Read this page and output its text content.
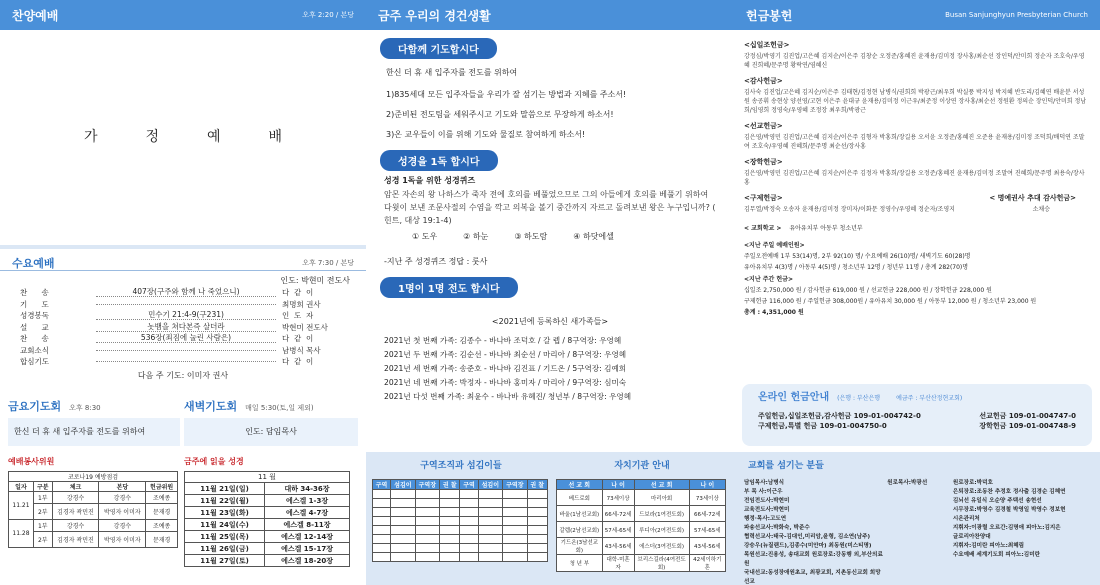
찬양예배	오후 2:20 / 본당
가	정	예	배
수요예배	오후 7:30 / 본당
인도: 박현미 전도사
찬      송	407장(구주와 함께 나 죽었으니)	다  같  이
기      도	최명희 권사
성경봉독	민수기 21:4-9(구231)	인  도  자
설      교	놋뱀을 쳐다본즉 살더라	박현미 전도사
찬      송	536장(죄짐에 눌린 사람은)	다  같  이
교회소식	남병식 목사
합심기도	다  같  이
다음 주 기도: 이미자 권사
금요기도회 오후 8:30
한신 더 휴 새 입주자를 전도를 위하여
새벽기도회 매일 5:30(토,일 제외)
인도: 담임목사
예배봉사위원
코로나19 예방점검				
일자	구분	체크	본당	헌금위원
11.21	1부	강경수	강경수	조예종
	2부	김경자 곽민진	박영자 이미자	문재경
11.28	1부	강경수	강경수	조예종
	2부	김경자 곽민진	박영자 이미자	문재경
금주에 읽을 성경
11 월	
11월 21일(일)	대하 34-36장
11월 22일(월)	에스겔 1-3장
11월 23일(화)	에스겔 4-7장
11월 24일(수)	에스겔 8-11장
11월 25일(목)	에스겔 12-14장
11월 26일(금)	에스겔 15-17장
11월 27일(토)	에스겔 18-20장
금주 우리의 경건생활
다함께 기도합시다
한신 더 휴 새 입주자를 전도를 위하여
1)835세대 모든 입주자들을 우리가 잘 섬기는 방법과 지혜를 주소서!
2)준비된 전도팀을 세워주시고 기도와 말씀으로 무장하게 하소서!
3)온 교우들이 이를 위해 기도와 물질로 참여하게 하소서!
성경을 1독 합시다
성경 1독을 위한 성경퀴즈
암몬 자손의 왕 나하스가 죽자 전에 호의를 베풀었으므로 그의 아들에게 호의를 베풀기 위하여 다윗이 보낸 조문사절의 수염을 깍고 의복을 볼기 중간까지 자르고 돌려보낸 왕은 누구입니까? ( 힌트, 대상 19:1-4)
① 도우	② 하눈	③ 하도람	④ 하닷에셀
-지난 주 성경퀴즈 정답 : 룻사
1명이 1명 전도 합시다
<2021년에 등록하신 새가족들>
2021년 첫 번째 가족: 김종수 - 바나바 조덕호 / 갈 렙 / 8구역장: 우영혜
2021년 두 번째 가족: 김순선 - 바나바 최순선 / 마리아 / 8구역장: 우영혜
2021년 세 번째 가족: 송준호 - 바나바 김진표 / 기드온 / 5구역장: 김예희
2021년 네 번째 가족: 박정자 - 바나바 홍미자 / 마리아 / 9구역장: 심미숙
2021년 다섯 번째 가족: 최윤수 - 바나바 유혜진/ 청년부 / 8구역장: 우영혜
구역조직과 섬김이들
구역	섬김이	구역장	권 찰	구역	섬김이	구역장	권 찰

자치기관 안내
선 교 회	나 이	선 교 회	나 이
베드로회	73세이상	마리아회	73세이상
바울(1남선교회)	66세-72세	드보라(1여전도회)	66세-72세
갈렙(2남선교회)	57세-65세	루디아(2여전도회)	57세-65세
기드온(3남선교회)	43세-56세	에스더(3여전도회)	43세-56세
청 년 부	대학-미혼자	브리스길라(4여전도회)	42세이하기혼
헌금봉헌	Busan Sanjunghyun Presbyterian Church
<십일조헌금>
강정심/박영기 김진업/고은혜 김지순/이은주 김창순 오정준/홍혜진 윤재용/김미정 장사홍/최순선 장인덕/안미희 정순자 조호숙/우영혜 진희혜/문주명 황락연/염혜신
<감사헌금>
김사숙 김진업/고은혜 김지순/이은주 김태현/김정현 남병식/권희희 박광근/최우희 박실풍 박지성 박지혜 반도리/김혜연 배윤분 서성원 송공휘 송현상 양선영/고현 이은주 윤대규 윤재용/김미정 이근우/최준정 이상연 장사홍/최순선 정원환 정의순 장인덕/안미희 정남희/임영희 정영숙/우영혜 조정장 최우희/박광근
<선교헌금>
김은영/박영민 김진업/고은혜 김지순/이은주 김형자 박홍희/장길용 오서윤 오정준/홍혜진 오준용 윤재용/김미정 조덕희/배덕연 조말여 조호숙/우영혜 진혜희/문주명 최순선/장사홍
<장학헌금>
김은영/박영민 김진업/고은혜 김지순/이은주 김정자 박홍희/장길용 오정준/홍혜진 윤재용/김미정 조말여 진혜희/문주명 최용숙/장사홍
<구제헌금>	< 명예권사 추대 감사헌금>
김무열/박정숙 오송자 윤재용/김미정 장미자/이화문 정영수/우영혜 정순자/조영지	소채승
< 교회학교 > 유아유치부 아동부 청소년부
<지난 주일 예배인원>
주일오전예배 1부 53(14)명, 2부 92(10) 명/ 수요예배 26(10)명/ 새벽기도 60(28)명
유아유치부 4(3)명 / 아동부 4(5)명 / 청소년부 12명 / 청년부 11명 / 총계 282(70)명
<지난 주간 헌금>
십일조 2,750,000 원 / 감사헌금 619,000 원 / 선교헌금 228,000 원 / 장학헌금 228,000 원
구제헌금 116,000 원 / 주일헌금 308,000원 / 유아유치 30,000 원 / 아동부 12,000 원 / 청소년부 23,000 원
총계 : 4,351,000 원
온라인 헌금안내 (은행 : 부산은행	예금주 : 부산산정현교회)
주일헌금,십일조헌금,감사헌금 109-01-004742-0
구제헌금,특별 헌금 109-01-004750-0
선교헌금 109-01-004747-0
장학헌금 109-01-004748-9
교회를 섬기는 분들
담임목사:남병식
부 목 사:이근우
전임전도사:박현미
교육전도사:박현미
행정·목사:고도연
파송선교사:박화숙, 박준수
협력선교사:태국-김대인,미리암,윤형, 김소연(남주)
강승우(뉴질랜드),김종수(미안마) 최동원(미스티명)
목원선교:진용성, 송대교회 원로장로:강동행 외,부산의료원
국내선교:동성장애원초교, 최광교회, 지촌동신교회 희망선교
원로목사:박광선	원로장로:박덕호
은퇴장로:조동찬 추정호 정사출 김경순 김혜연
김뇌선 유일식 오순양 주택선 송현선
시무장로:박영수 김경철 박영일 박영수 정보현
시온관리처
지휘자:이광렬 오르간:김명애 피아노:김지은
글로리아찬양대
지휘자:김미란 피아노:최혜림
수요예배 세계기도회 피아노:김미란
